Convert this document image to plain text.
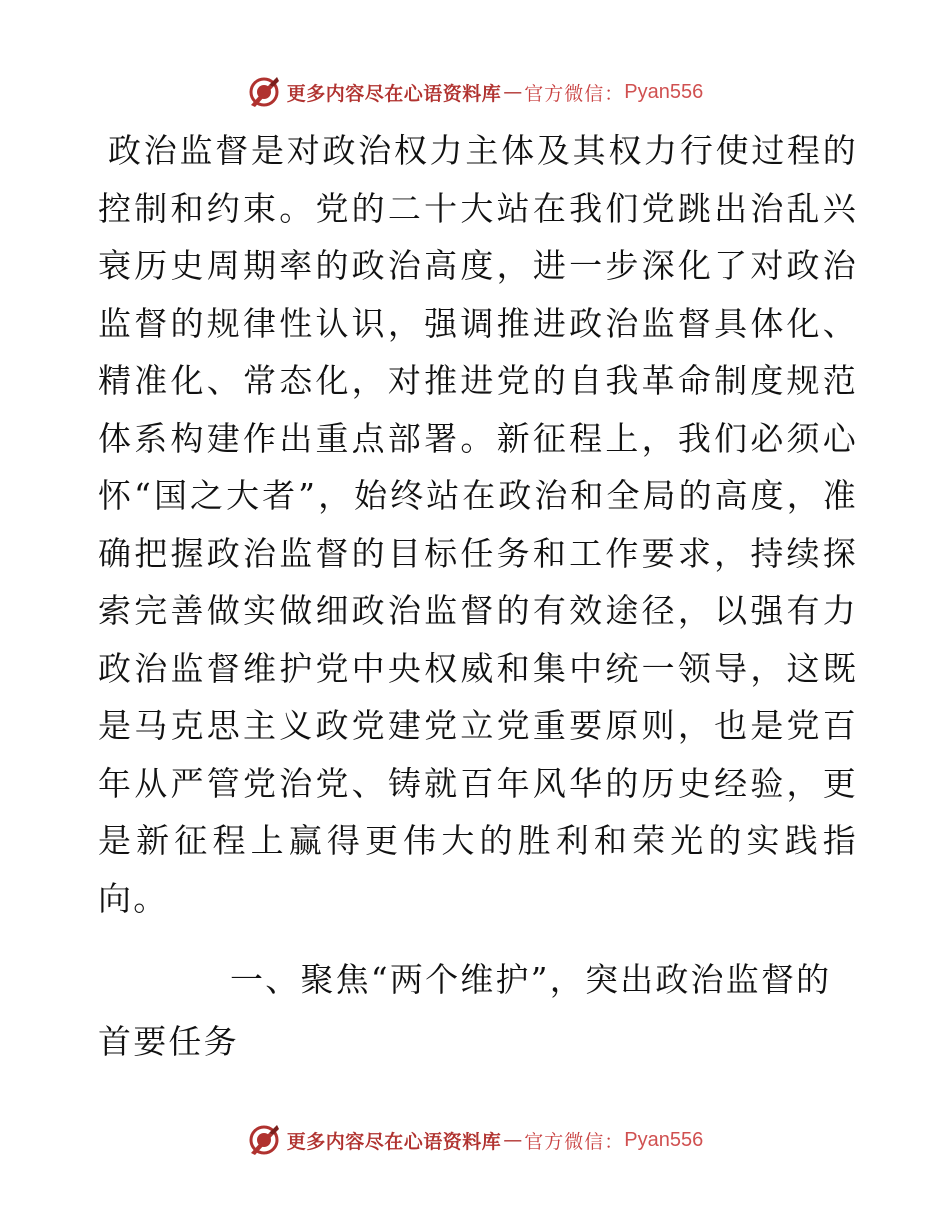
更多内容尽在心语资料库 — 官方微信： Pyan556

政治监督是对政治权力主体及其权力行使过程的控制和约束。党的二十大站在我们党跳出治乱兴衰历史周期率的政治高度，进一步深化了对政治监督的规律性认识，强调推进政治监督具体化、精准化、常态化，对推进党的自我革命制度规范体系构建作出重点部署。新征程上，我们必须心怀“国之大者”，始终站在政治和全局的高度，准确把握政治监督的目标任务和工作要求，持续探索完善做实做细政治监督的有效途径，以强有力政治监督维护党中央权威和集中统一领导，这既是马克思主义政党建党立党重要原则，也是党百年从严管党治党、铸就百年风华的历史经验，更是新征程上赢得更伟大的胜利和荣光的实践指向。

一、聚焦“两个维护”，突出政治监督的首要任务

更多内容尽在心语资料库 — 官方微信： Pyan556
